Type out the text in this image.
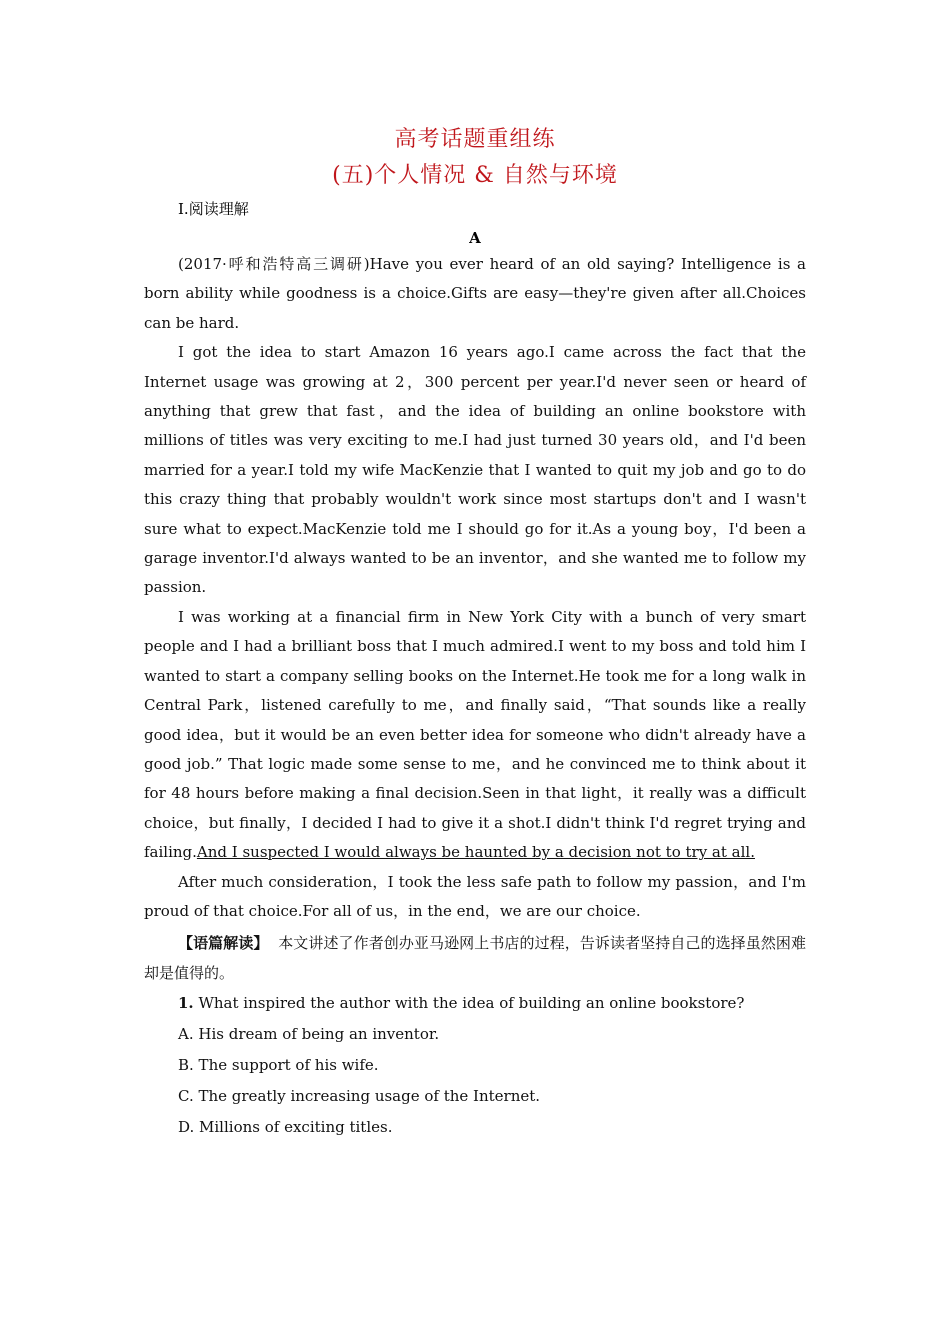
高考话题重组练
(五)个人情况 & 自然与环境
Ⅰ.阅读理解
A

(2017·呼和浩特高三调研)Have you ever heard of an old saying? Intelligence is a born ability while goodness is a choice.Gifts are easy—they're given after all.Choices can be hard.

I got the idea to start Amazon 16 years ago.I came across the fact that the Internet usage was growing at 2，300 percent per year.I'd never seen or heard of anything that grew that fast，and the idea of building an online bookstore with millions of titles was very exciting to me.I had just turned 30 years old，and I'd been married for a year.I told my wife MacKenzie that I wanted to quit my job and go to do this crazy thing that probably wouldn't work since most startups don't and I wasn't sure what to expect.MacKenzie told me I should go for it.As a young boy，I'd been a garage inventor.I'd always wanted to be an inventor，and she wanted me to follow my passion.

I was working at a financial firm in New York City with a bunch of very smart people and I had a brilliant boss that I much admired.I went to my boss and told him I wanted to start a company selling books on the Internet.He took me for a long walk in Central Park，listened carefully to me，and finally said，“That sounds like a really good idea，but it would be an even better idea for someone who didn't already have a good job.” That logic made some sense to me，and he convinced me to think about it for 48 hours before making a final decision.Seen in that light，it really was a difficult choice，but finally，I decided I had to give it a shot.I didn't think I'd regret trying and failing.And I suspected I would always be haunted by a decision not to try at all.

After much consideration，I took the less safe path to follow my passion，and I'm proud of that choice.For all of us，in the end，we are our choice.

【语篇解读】 本文讲述了作者创办亚马逊网上书店的过程，告诉读者坚持自己的选择虽然困难却是值得的。

1. What inspired the author with the idea of building an online bookstore?

A. His dream of being an inventor.

B. The support of his wife.

C. The greatly increasing usage of the Internet.

D. Millions of exciting titles.
